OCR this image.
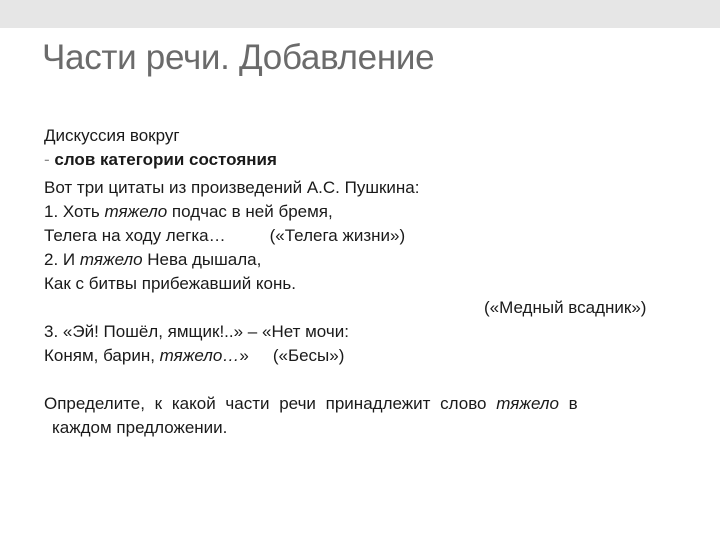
Части речи. Добавление
Дискуссия вокруг
- слов категории состояния
Вот три цитаты из произведений А.С. Пушкина:
1. Хоть тяжело подчас в ней бремя,
Телега на ходу легка…	(«Телега жизни»)
2. И тяжело Нева дышала,
Как с битвы прибежавший конь.
(«Медный всадник»)
3. «Эй! Пошёл, ямщик!..» – «Нет мочи:
Коням, барин, тяжело…» («Бесы»)
Определите, к какой части речи принадлежит слово тяжело в
каждом предложении.
